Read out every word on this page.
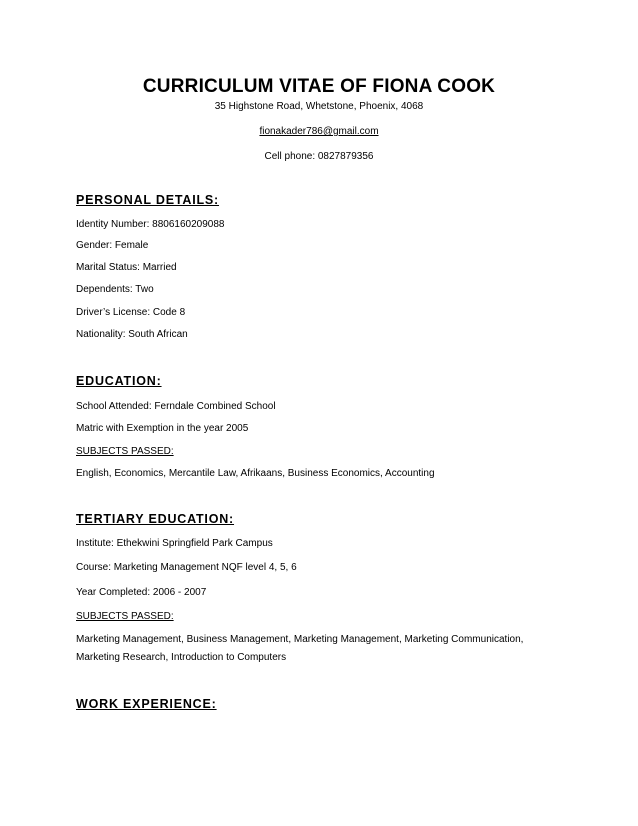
CURRICULUM VITAE OF FIONA COOK
35 Highstone Road, Whetstone, Phoenix, 4068
fionakader786@gmail.com
Cell phone: 0827879356
PERSONAL DETAILS:
Identity Number: 8806160209088
Gender: Female
Marital Status: Married
Dependents: Two
Driver’s License: Code 8
Nationality: South African
EDUCATION:
School Attended: Ferndale Combined School
Matric with Exemption in the year 2005
SUBJECTS PASSED:
English, Economics, Mercantile Law, Afrikaans, Business Economics, Accounting
TERTIARY EDUCATION:
Institute: Ethekwini Springfield Park Campus
Course: Marketing Management NQF level 4, 5, 6
Year Completed: 2006 - 2007
SUBJECTS PASSED:
Marketing Management, Business Management, Marketing Management, Marketing Communication, Marketing Research, Introduction to Computers
WORK EXPERIENCE:
